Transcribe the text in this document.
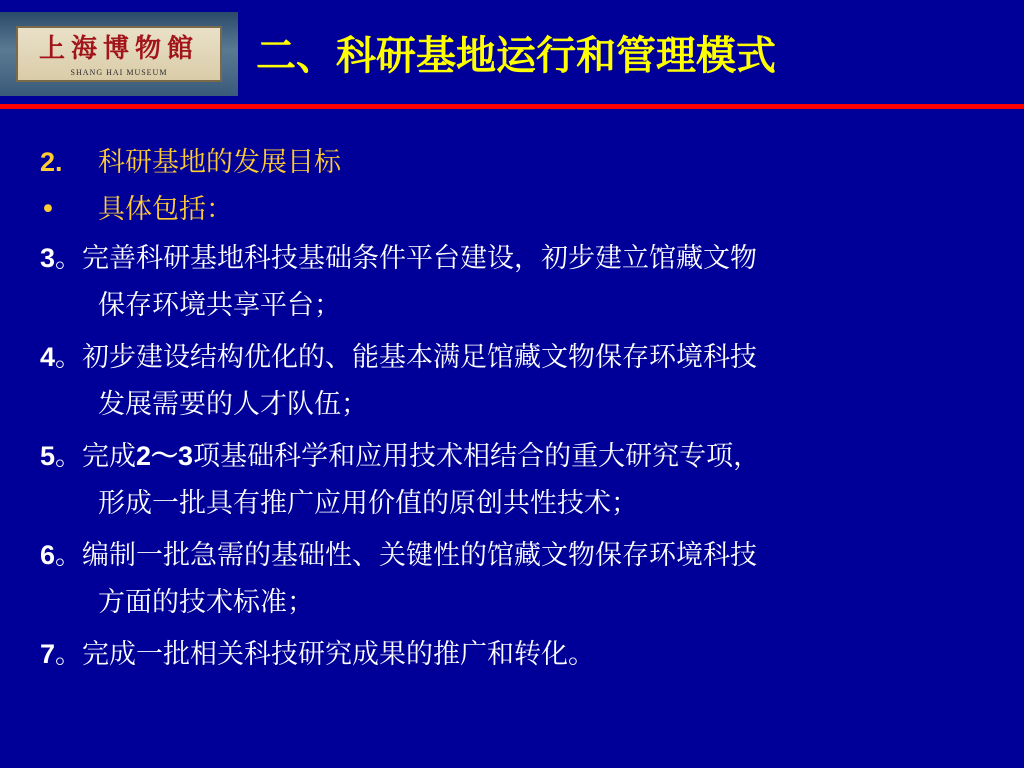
上海博物館
SHANG HAI MUSEUM	二、科研基地运行和管理模式
2. 科研基地的发展目标
• 具体包括：
3。完善科研基地科技基础条件平台建设，初步建立馆藏文物
保存环境共享平台；
4。初步建设结构优化的、能基本满足馆藏文物保存环境科技
发展需要的人才队伍；
5。完成2～3项基础科学和应用技术相结合的重大研究专项，
形成一批具有推广应用价值的原创共性技术；
6。编制一批急需的基础性、关键性的馆藏文物保存环境科技
方面的技术标准；
7。完成一批相关科技研究成果的推广和转化。
